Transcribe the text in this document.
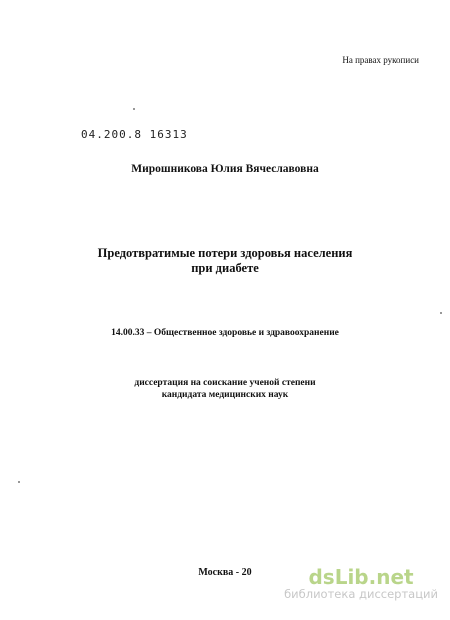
На правах рукописи
04.200.8 16313
Мирошникова Юлия Вячеславовна
Предотвратимые потери здоровья населения
при диабете
14.00.33 – Общественное здоровье и здравоохранение
диссертация на соискание ученой степени
кандидата медицинских наук
Москва - 20	dsLib.net
библиотека диссертаций
